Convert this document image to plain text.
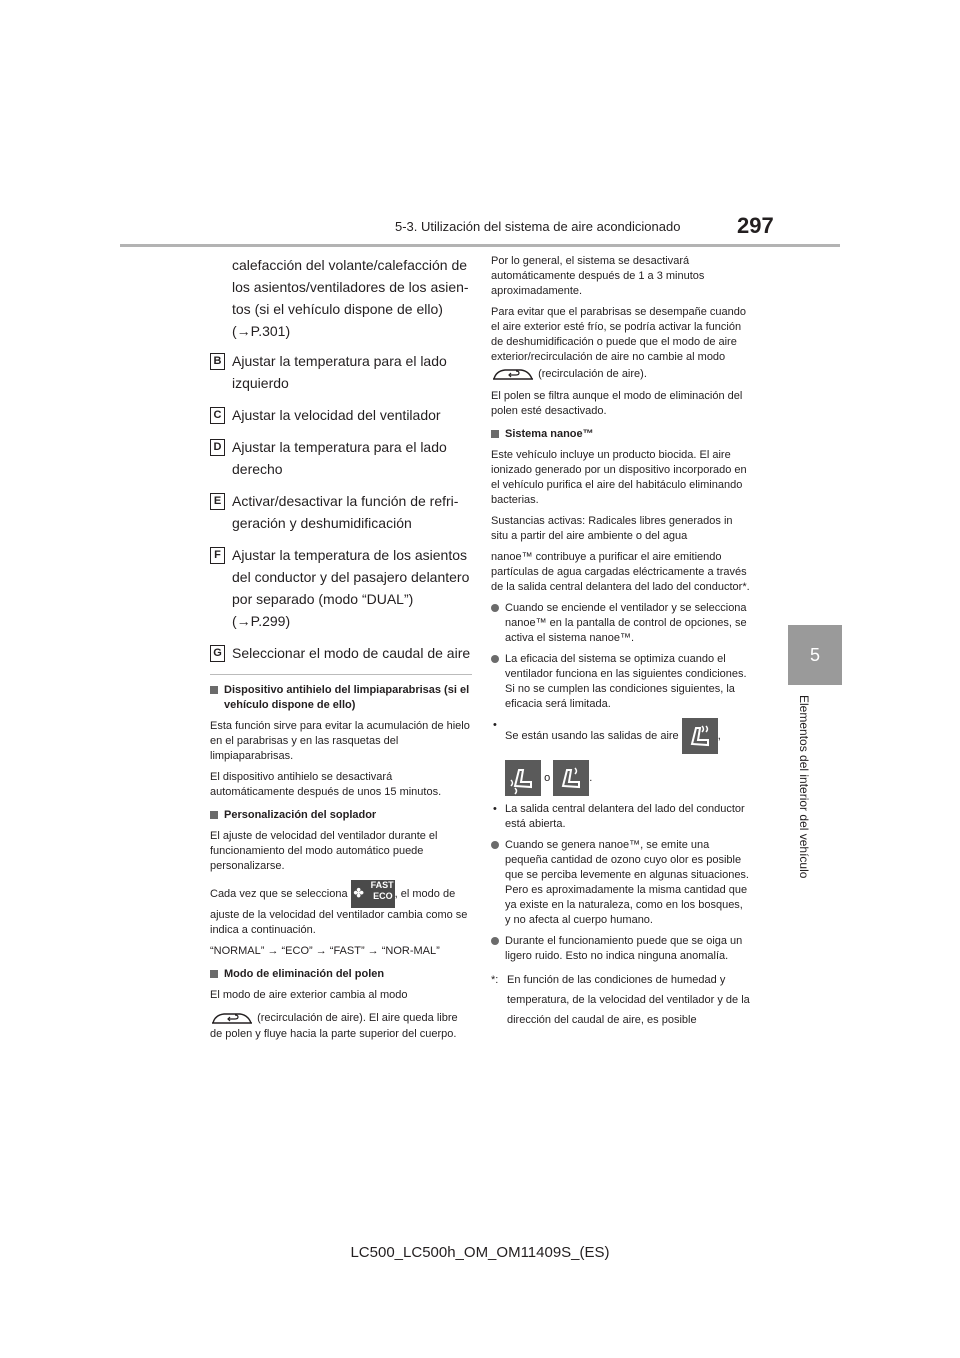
5-3. Utilización del sistema de aire acondicionado	297
5
Elementos del interior del vehículo
calefacción del volante/calefacción de
los asientos/ventiladores de los asien-
tos (si el vehículo dispone de ello)
(→P.301)
B Ajustar la temperatura para el lado
izquierdo
C Ajustar la velocidad del ventilador
D Ajustar la temperatura para el lado
derecho
E Activar/desactivar la función de refri-
geración y deshumidificación
F Ajustar la temperatura de los asientos
del conductor y del pasajero delantero
por separado (modo “DUAL”)
(→P.299)
G Seleccionar el modo de caudal de aire
Dispositivo antihielo del limpiaparabrisas (si el vehículo dispone de ello)

Esta función sirve para evitar la acumulación de hielo en el parabrisas y en las rasquetas del limpiaparabrisas.

El dispositivo antihielo se desactivará automáticamente después de unos 15 minutos.

Personalización del soplador

El ajuste de velocidad del ventilador durante el funcionamiento del modo automático puede personalizarse.

Cada vez que se selecciona ✤
FAST ECO , el modo de ajuste de la velocidad del ventilador cambia como se indica a continuación.

“NORMAL” → “ECO” → “FAST” → “NOR-MAL”

Modo de eliminación del polen

El modo de aire exterior cambia al modo

(recirculación de aire). El aire queda libre de polen y fluye hacia la parte superior del cuerpo.

Por lo general, el sistema se desactivará automáticamente después de 1 a 3 minutos aproximadamente.

Para evitar que el parabrisas se desempañe cuando el aire exterior esté frío, se podría activar la función de deshumidificación o puede que el modo de aire exterior/recirculación de aire no cambie al modo  (recirculación de aire).

El polen se filtra aunque el modo de eliminación del polen esté desactivado.

Sistema nanoe™

Este vehículo incluye un producto biocida. El aire ionizado generado por un dispositivo incorporado en el vehículo purifica el aire del habitáculo eliminando bacterias.

Sustancias activas: Radicales libres generados in situ a partir del aire ambiente o del agua

nanoe™ contribuye a purificar el aire emitiendo partículas de agua cargadas eléctricamente a través de la salida central delantera del lado del conductor*.

Cuando se enciende el ventilador y se selecciona nanoe™ en la pantalla de control de opciones, se activa el sistema nanoe™.
La eficacia del sistema se optimiza cuando el ventilador funciona en las siguientes condiciones. Si no se cumplen las condiciones siguientes, la eficacia será limitada.
•
Se están usando las salidas de aire	,
o	.
• La salida central delantera del lado del conductor está abierta.
Cuando se genera nanoe™, se emite una pequeña cantidad de ozono cuyo olor es posible que se perciba levemente en algunas situaciones. Pero es aproximadamente la misma cantidad que ya existe en la naturaleza, como en los bosques, y no afecta al cuerpo humano.
Durante el funcionamiento puede que se oiga un ligero ruido. Esto no indica ninguna anomalía.
*: En función de las condiciones de humedad y temperatura, de la velocidad del ventilador y de la dirección del caudal de aire, es posible
LC500_LC500h_OM_OM11409S_(ES)
